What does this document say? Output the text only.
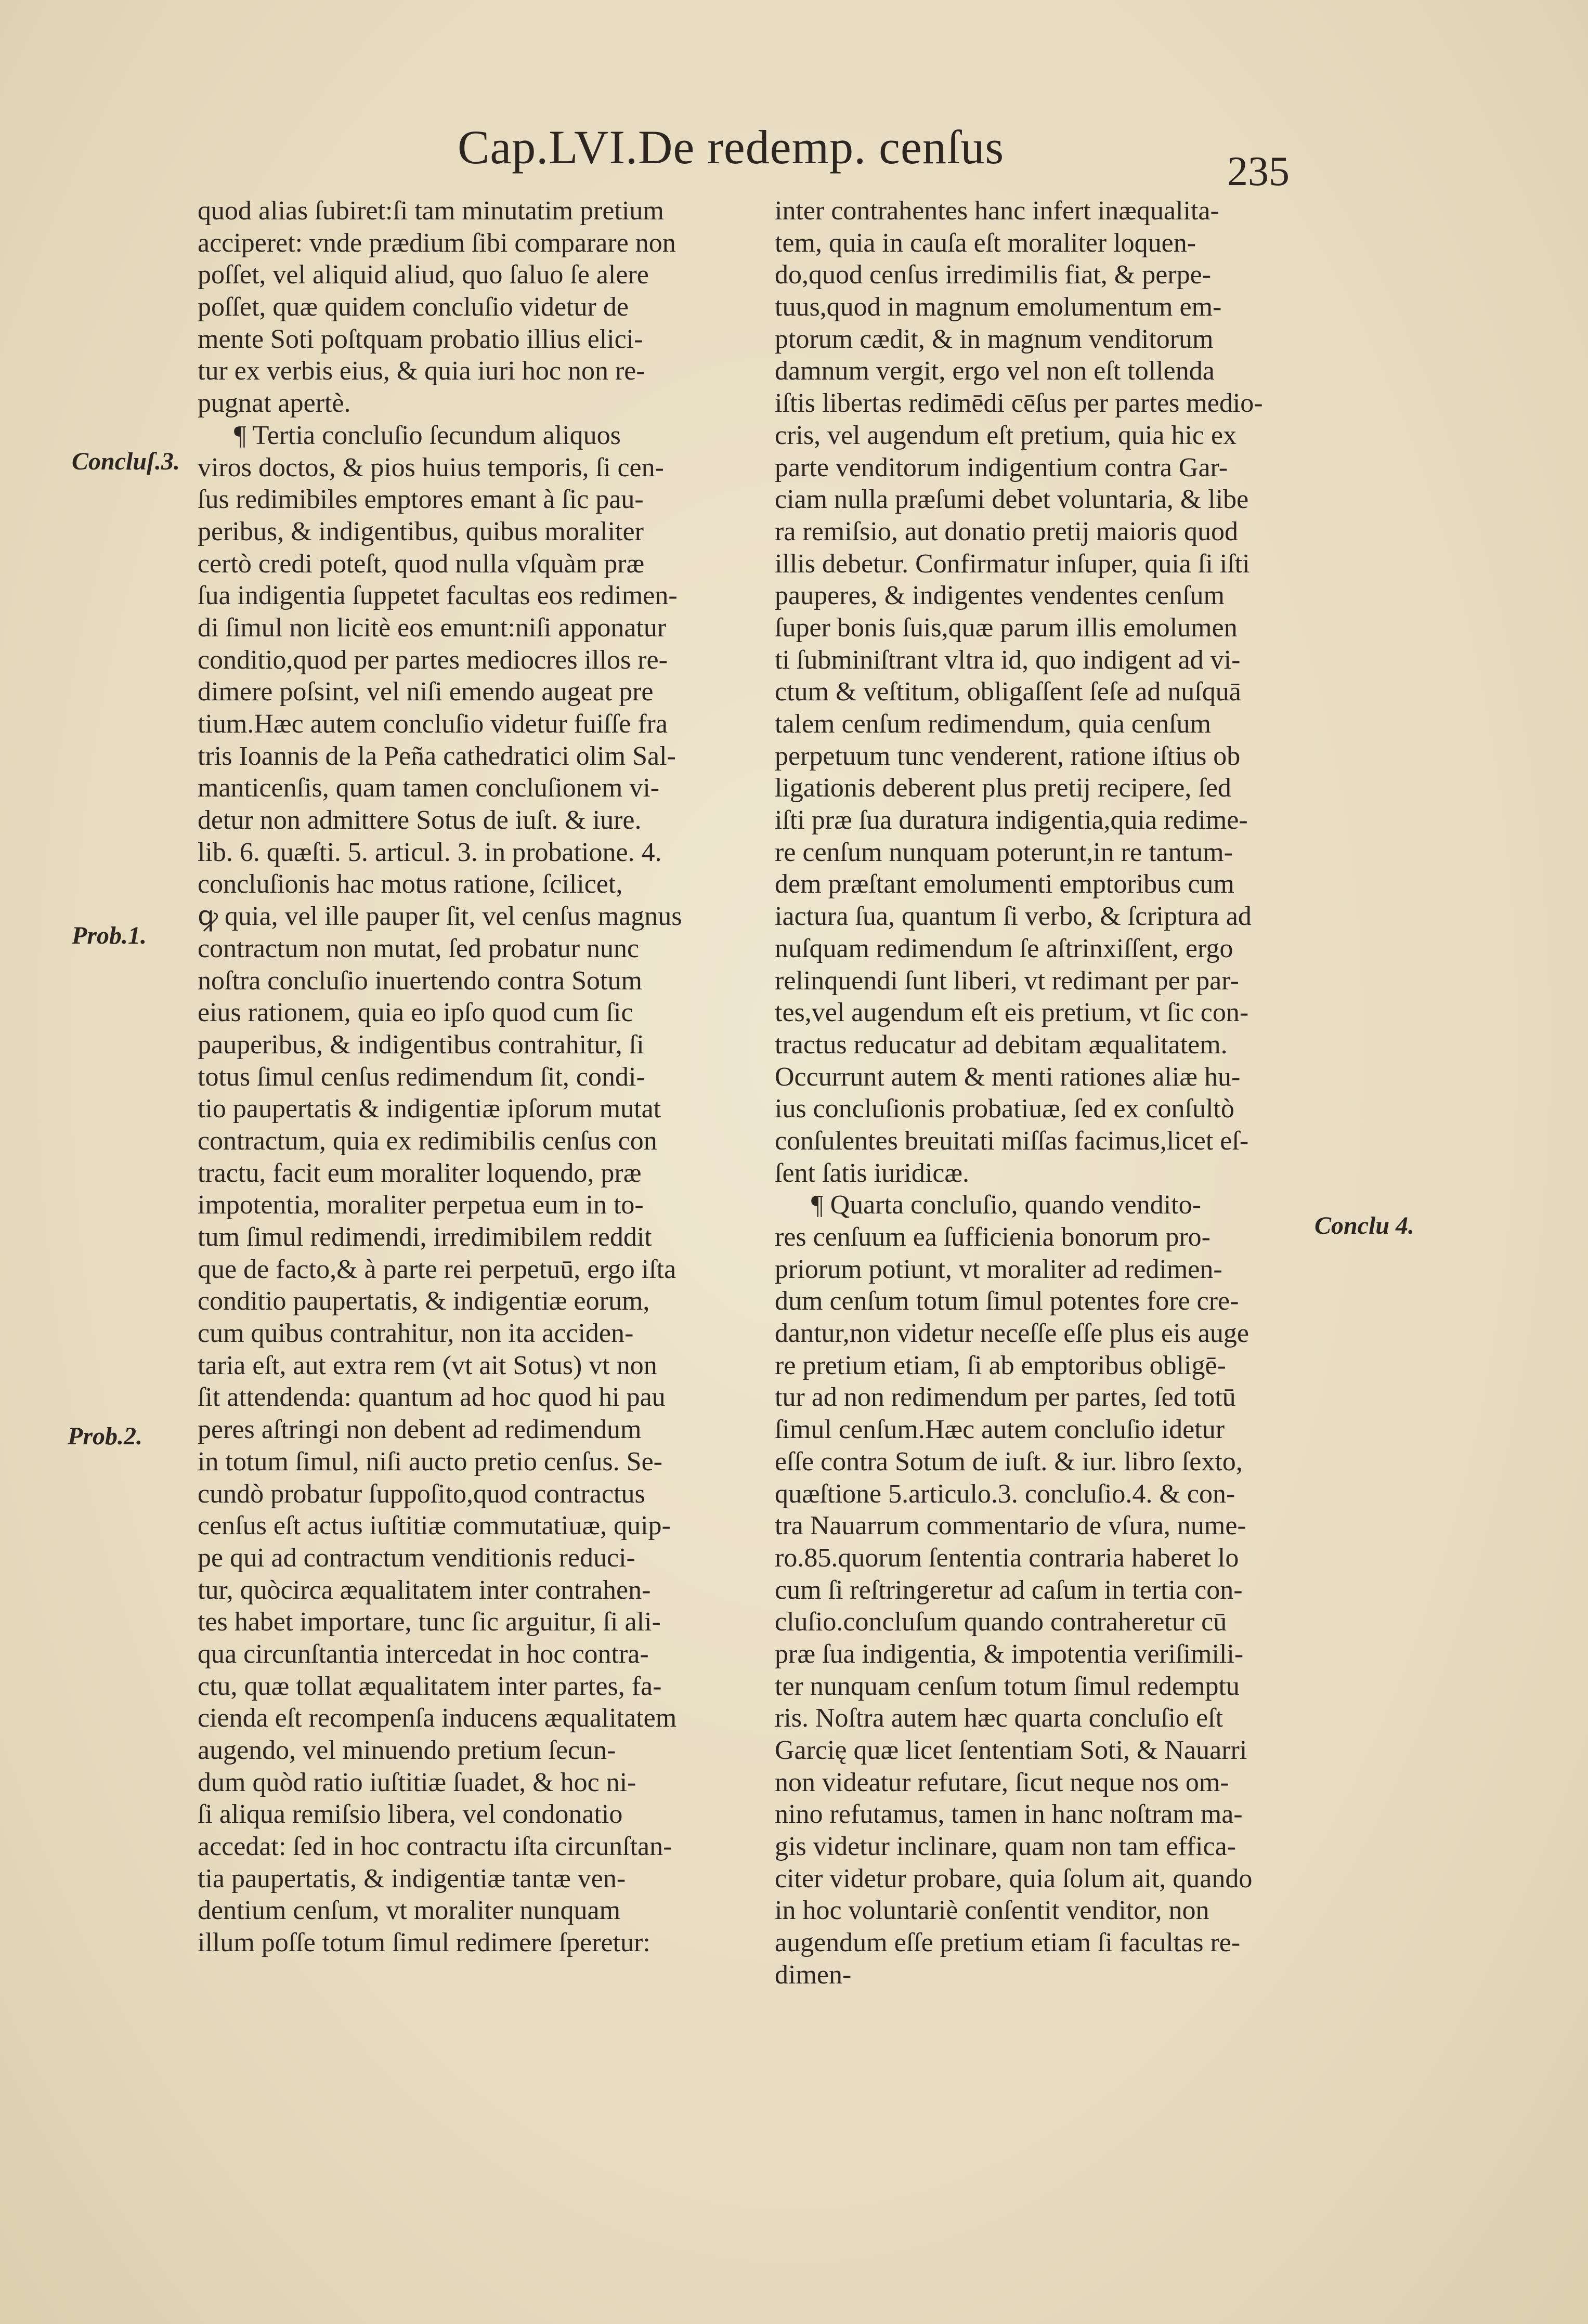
Cap.LVI.De redemp. cenſus	235
Concluſ.3.
Prob.1.
Prob.2.
Conclu 4.
quod alias ſubiret:ſi tam minutatim pretium
acciperet: vnde prædium ſibi comparare non
poſſet, vel aliquid aliud, quo ſaluo ſe alere
poſſet, quæ quidem concluſio videtur de
mente Soti poſtquam probatio illius elici-
tur ex verbis eius, & quia iuri hoc non re-
pugnat apertè.
¶ Tertia concluſio ſecundum aliquos
viros doctos, & pios huius temporis, ſi cen-
ſus redimibiles emptores emant à ſic pau-
peribus, & indigentibus, quibus moraliter
certò credi poteſt, quod nulla vſquàm præ
ſua indigentia ſuppetet facultas eos redimen-
di ſimul non licitè eos emunt:niſi apponatur
conditio,quod per partes mediocres illos re-
dimere poſsint, vel niſi emendo augeat pre
tium.Hæc autem concluſio videtur fuiſſe fra
tris Ioannis de la Peña cathedratici olim Sal-
manticenſis, quam tamen concluſionem vi-
detur non admittere Sotus de iuſt. & iure.
lib. 6. quæſti. 5. articul. 3. in probatione. 4.
concluſionis hac motus ratione, ſcilicet,
ꝙ quia, vel ille pauper ſit, vel cenſus magnus
contractum non mutat, ſed probatur nunc
noſtra concluſio inuertendo contra Sotum
eius rationem, quia eo ipſo quod cum ſic
pauperibus, & indigentibus contrahitur, ſi
totus ſimul cenſus redimendum ſit, condi-
tio paupertatis & indigentiæ ipſorum mutat
contractum, quia ex redimibilis cenſus con
tractu, facit eum moraliter loquendo, præ
impotentia, moraliter perpetua eum in to-
tum ſimul redimendi, irredimibilem reddit
que de facto,& à parte rei perpetuū, ergo iſta
conditio paupertatis, & indigentiæ eorum,
cum quibus contrahitur, non ita acciden-
taria eſt, aut extra rem (vt ait Sotus) vt non
ſit attendenda: quantum ad hoc quod hi pau
peres aſtringi non debent ad redimendum
in totum ſimul, niſi aucto pretio cenſus. Se-
cundò probatur ſuppoſito,quod contractus
cenſus eſt actus iuſtitiæ commutatiuæ, quip-
pe qui ad contractum venditionis reduci-
tur, quòcirca æqualitatem inter contrahen-
tes habet importare, tunc ſic arguitur, ſi ali-
qua circunſtantia intercedat in hoc contra-
ctu, quæ tollat æqualitatem inter partes, fa-
cienda eſt recompenſa inducens æqualitatem
augendo, vel minuendo pretium ſecun-
dum quòd ratio iuſtitiæ ſuadet, & hoc ni-
ſi aliqua remiſsio libera, vel condonatio
accedat: ſed in hoc contractu iſta circunſtan-
tia paupertatis, & indigentiæ tantæ ven-
dentium cenſum, vt moraliter nunquam
illum poſſe totum ſimul redimere ſperetur:
inter contrahentes hanc infert inæqualita-
tem, quia in cauſa eſt moraliter loquen-
do,quod cenſus irredimilis fiat, & perpe-
tuus,quod in magnum emolumentum em-
ptorum cædit, & in magnum venditorum
damnum vergit, ergo vel non eſt tollenda
iſtis libertas redimēdi cēſus per partes medio-
cris, vel augendum eſt pretium, quia hic ex
parte venditorum indigentium contra Gar-
ciam nulla præſumi debet voluntaria, & libe
ra remiſsio, aut donatio pretij maioris quod
illis debetur. Confirmatur inſuper, quia ſi iſti
pauperes, & indigentes vendentes cenſum
ſuper bonis ſuis,quæ parum illis emolumen
ti ſubminiſtrant vltra id, quo indigent ad vi-
ctum & veſtitum, obligaſſent ſeſe ad nuſquā
talem cenſum redimendum, quia cenſum
perpetuum tunc venderent, ratione iſtius ob
ligationis deberent plus pretij recipere, ſed
iſti præ ſua duratura indigentia,quia redime-
re cenſum nunquam poterunt,in re tantum-
dem præſtant emolumenti emptoribus cum
iactura ſua, quantum ſi verbo, & ſcriptura ad
nuſquam redimendum ſe aſtrinxiſſent, ergo
relinquendi ſunt liberi, vt redimant per par-
tes,vel augendum eſt eis pretium, vt ſic con-
tractus reducatur ad debitam æqualitatem.
Occurrunt autem & menti rationes aliæ hu-
ius concluſionis probatiuæ, ſed ex conſultò
conſulentes breuitati miſſas facimus,licet eſ-
ſent ſatis iuridicæ.
¶ Quarta concluſio, quando vendito-
res cenſuum ea ſufficienia bonorum pro-
priorum potiunt, vt moraliter ad redimen-
dum cenſum totum ſimul potentes fore cre-
dantur,non videtur neceſſe eſſe plus eis auge
re pretium etiam, ſi ab emptoribus obligē-
tur ad non redimendum per partes, ſed totū
ſimul cenſum.Hæc autem concluſio idetur
eſſe contra Sotum de iuſt. & iur. libro ſexto,
quæſtione 5.articulo.3. concluſio.4. & con-
tra Nauarrum commentario de vſura, nume-
ro.85.quorum ſententia contraria haberet lo
cum ſi reſtringeretur ad caſum in tertia con-
cluſio.concluſum quando contraheretur cū
præ ſua indigentia, & impotentia veriſimili-
ter nunquam cenſum totum ſimul redemptu
ris. Noſtra autem hæc quarta concluſio eſt
Garcię quæ licet ſententiam Soti, & Nauarri
non videatur refutare, ſicut neque nos om-
nino refutamus, tamen in hanc noſtram ma-
gis videtur inclinare, quam non tam effica-
citer videtur probare, quia ſolum ait, quando
in hoc voluntariè conſentit venditor, non
augendum eſſe pretium etiam ſi facultas re-
dimen-
